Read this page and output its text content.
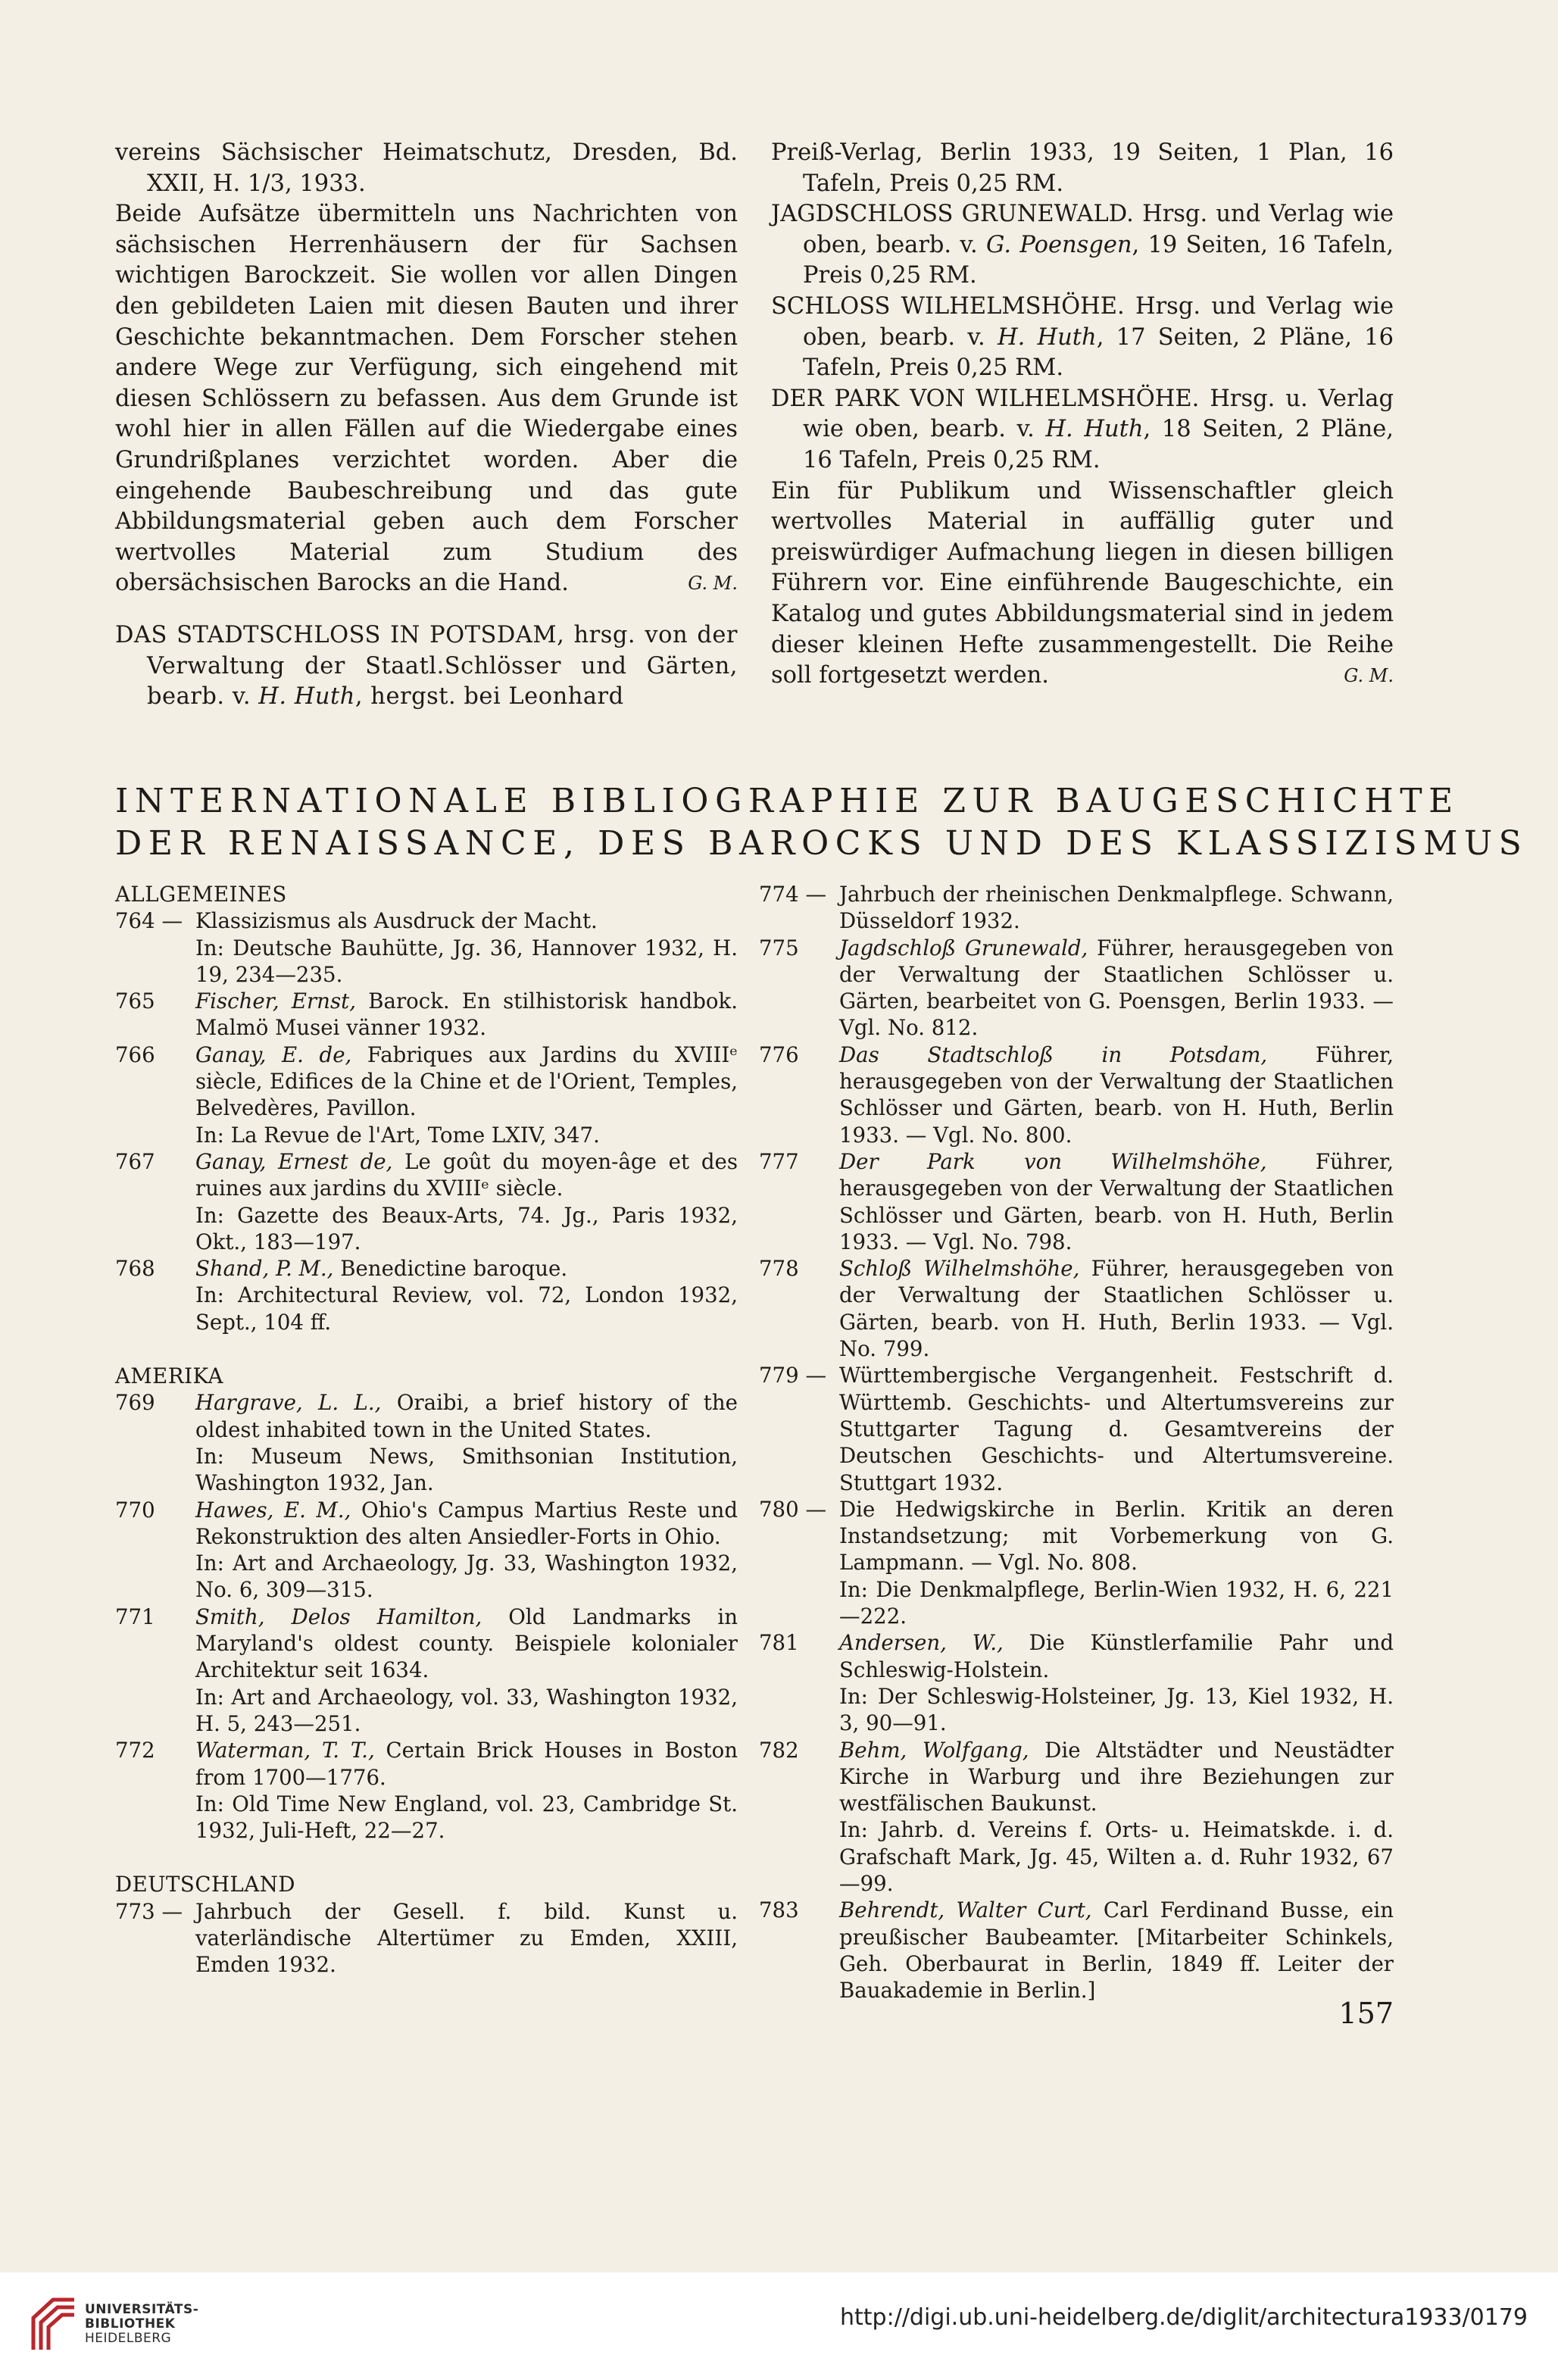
vereins Sächsischer Heimatschutz, Dresden, Bd. XXII, H. 1/3, 1933.
Beide Aufsätze übermitteln uns Nachrichten von sächsischen Herrenhäusern der für Sachsen wichtigen Barockzeit. Sie wollen vor allen Dingen den gebildeten Laien mit diesen Bauten und ihrer Geschichte bekanntmachen. Dem Forscher stehen andere Wege zur Verfügung, sich eingehend mit diesen Schlössern zu befassen. Aus dem Grunde ist wohl hier in allen Fällen auf die Wiedergabe eines Grundrißplanes verzichtet worden. Aber die eingehende Baubeschreibung und das gute Abbildungsmaterial geben auch dem Forscher wertvolles Material zum Studium des obersächsischen Barocks an die Hand.	G. M.
DAS STADTSCHLOSS IN POTSDAM, hrsg. von der Verwaltung der Staatl.Schlösser und Gärten, bearb. v. H. Huth, hergst. bei Leonhard
Preiß-Verlag, Berlin 1933, 19 Seiten, 1 Plan, 16 Tafeln, Preis 0,25 RM.
JAGDSCHLOSS GRUNEWALD. Hrsg. und Verlag wie oben, bearb. v. G. Poensgen, 19 Seiten, 16 Tafeln, Preis 0,25 RM.
SCHLOSS WILHELMSHÖHE. Hrsg. und Verlag wie oben, bearb. v. H. Huth, 17 Seiten, 2 Pläne, 16 Tafeln, Preis 0,25 RM.
DER PARK VON WILHELMSHÖHE. Hrsg. u. Verlag wie oben, bearb. v. H. Huth, 18 Seiten, 2 Pläne, 16 Tafeln, Preis 0,25 RM.
Ein für Publikum und Wissenschaftler gleich wertvolles Material in auffällig guter und preiswürdiger Aufmachung liegen in diesen billigen Führern vor. Eine einführende Baugeschichte, ein Katalog und gutes Abbildungsmaterial sind in jedem dieser kleinen Hefte zusammengestellt. Die Reihe soll fortgesetzt werden.	G. M.
INTERNATIONALE BIBLIOGRAPHIE ZUR BAUGESCHICHTE
DER RENAISSANCE, DES BAROCKS UND DES KLASSIZISMUS
ALLGEMEINES
764 — Klassizismus als Ausdruck der Macht.
In: Deutsche Bauhütte, Jg. 36, Hannover 1932, H. 19, 234—235.
765	Fischer, Ernst, Barock. En stilhistorisk handbok. Malmö Musei vänner 1932.
766	Ganay, E. de, Fabriques aux Jardins du XVIIIᵉ siècle, Edifices de la Chine et de l'Orient, Temples, Belvedères, Pavillon.
In: La Revue de l'Art, Tome LXIV, 347.
767	Ganay, Ernest de, Le goût du moyen-âge et des ruines aux jardins du XVIIIᵉ siècle.
In: Gazette des Beaux-Arts, 74. Jg., Paris 1932, Okt., 183—197.
768	Shand, P. M., Benedictine baroque.
In: Architectural Review, vol. 72, London 1932, Sept., 104 ff.
AMERIKA
769	Hargrave, L. L., Oraibi, a brief history of the oldest inhabited town in the United States.
In: Museum News, Smithsonian Institution, Washington 1932, Jan.
770	Hawes, E. M., Ohio's Campus Martius Reste und Rekonstruktion des alten Ansiedler-Forts in Ohio.
In: Art and Archaeology, Jg. 33, Washington 1932, No. 6, 309—315.
771	Smith, Delos Hamilton, Old Landmarks in Maryland's oldest county. Beispiele kolonialer Architektur seit 1634.
In: Art and Archaeology, vol. 33, Washington 1932, H. 5, 243—251.
772	Waterman, T. T., Certain Brick Houses in Boston from 1700—1776.
In: Old Time New England, vol. 23, Cambridge St. 1932, Juli-Heft, 22—27.
DEUTSCHLAND
773 — Jahrbuch der Gesell. f. bild. Kunst u. vaterländische Altertümer zu Emden, XXIII, Emden 1932.
774 — Jahrbuch der rheinischen Denkmalpflege. Schwann, Düsseldorf 1932.
775	Jagdschloß Grunewald, Führer, herausgegeben von der Verwaltung der Staatlichen Schlösser u. Gärten, bearbeitet von G. Poensgen, Berlin 1933. — Vgl. No. 812.
776	Das Stadtschloß in Potsdam, Führer, herausgegeben von der Verwaltung der Staatlichen Schlösser und Gärten, bearb. von H. Huth, Berlin 1933. — Vgl. No. 800.
777	Der Park von Wilhelmshöhe, Führer, herausgegeben von der Verwaltung der Staatlichen Schlösser und Gärten, bearb. von H. Huth, Berlin 1933. — Vgl. No. 798.
778	Schloß Wilhelmshöhe, Führer, herausgegeben von der Verwaltung der Staatlichen Schlösser u. Gärten, bearb. von H. Huth, Berlin 1933. — Vgl. No. 799.
779 — Württembergische Vergangenheit. Festschrift d. Württemb. Geschichts- und Altertumsvereins zur Stuttgarter Tagung d. Gesamtvereins der Deutschen Geschichts- und Altertumsvereine. Stuttgart 1932.
780 — Die Hedwigskirche in Berlin. Kritik an deren Instandsetzung; mit Vorbemerkung von G. Lampmann. — Vgl. No. 808.
In: Die Denkmalpflege, Berlin-Wien 1932, H. 6, 221—222.
781	Andersen, W., Die Künstlerfamilie Pahr und Schleswig-Holstein.
In: Der Schleswig-Holsteiner, Jg. 13, Kiel 1932, H. 3, 90—91.
782	Behm, Wolfgang, Die Altstädter und Neustädter Kirche in Warburg und ihre Beziehungen zur westfälischen Baukunst.
In: Jahrb. d. Vereins f. Orts- u. Heimatskde. i. d. Grafschaft Mark, Jg. 45, Wilten a. d. Ruhr 1932, 67—99.
783	Behrendt, Walter Curt, Carl Ferdinand Busse, ein preußischer Baubeamter. [Mitarbeiter Schinkels, Geh. Oberbaurat in Berlin, 1849 ff. Leiter der Bauakademie in Berlin.]
157
UNIVERSITÄTS-
BIBLIOTHEK
HEIDELBERG
http://digi.ub.uni-heidelberg.de/diglit/architectura1933/0179
